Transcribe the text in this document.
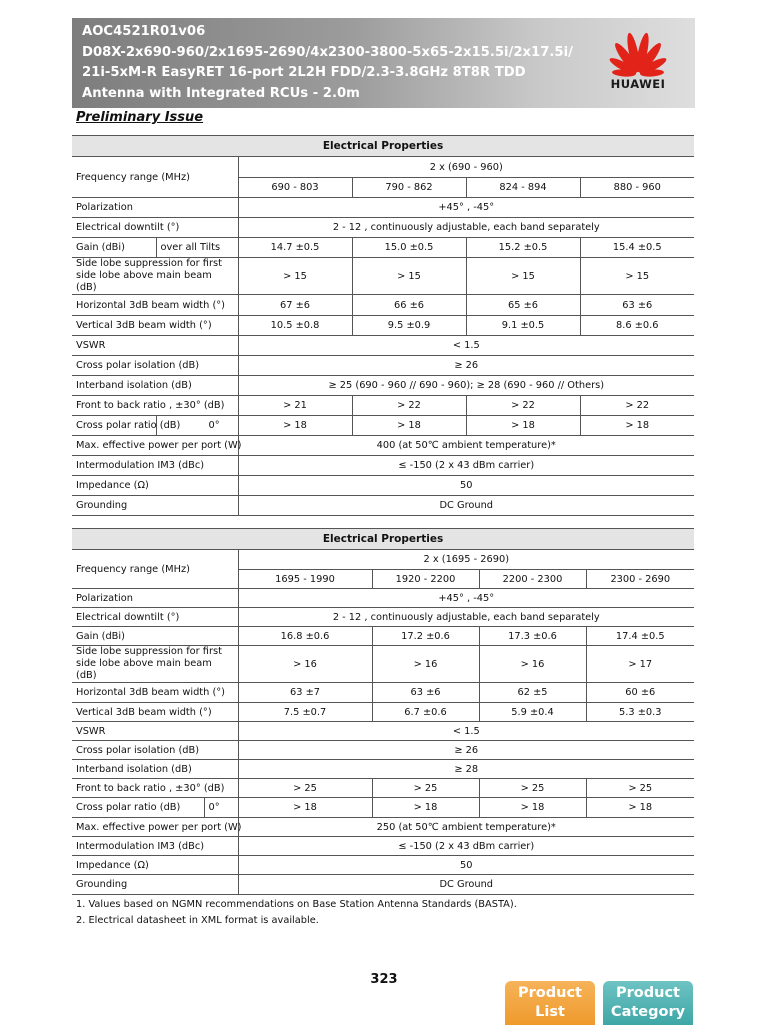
AOC4521R01v06
D08X-2x690-960/2x1695-2690/4x2300-3800-5x65-2x15.5i/2x17.5i/
21i-5xM-R EasyRET 16-port 2L2H FDD/2.3-3.8GHz 8T8R TDD
Antenna with Integrated RCUs - 2.0m
HUAWEI
Preliminary Issue
Electrical Properties					
Frequency range (MHz)		2 x (690 - 960)			
		690 - 803	790 - 862	824 - 894	880 - 960
Polarization		+45° , -45°			
Electrical downtilt (°)		2 - 12 , continuously adjustable, each band separately			
Gain (dBi)	over all Tilts	14.7 ±0.5	15.0 ±0.5	15.2 ±0.5	15.4 ±0.5

Side lobe suppression for first
side lobe above main beam (dB)		> 15	> 15	> 15	> 15
Horizontal 3dB beam width (°)		67 ±6	66 ±6	65 ±6	63 ±6
Vertical 3dB beam width (°)		10.5 ±0.8	9.5 ±0.9	9.1 ±0.5	8.6 ±0.6
VSWR		< 1.5			
Cross polar isolation (dB)		≥ 26			
Interband isolation (dB)		≥ 25 (690 - 960 // 690 - 960); ≥ 28 (690 - 960 // Others)			
Front to back ratio , ±30° (dB)		> 21	> 22	> 22	> 22
Cross polar ratio (dB)	0°	> 18	> 18	> 18	> 18
Max. effective power per port (W)		400 (at 50℃ ambient temperature)*			
Intermodulation IM3 (dBc)		≤ -150 (2 x 43 dBm carrier)			
Impedance (Ω)		50			
Grounding		DC Ground			
Electrical Properties					
Frequency range (MHz)		2 x (1695 - 2690)			
		1695 - 1990	1920 - 2200	2200 - 2300	2300 - 2690
Polarization		+45° , -45°			
Electrical downtilt (°)		2 - 12 , continuously adjustable, each band separately			
Gain (dBi)		16.8 ±0.6	17.2 ±0.6	17.3 ±0.6	17.4 ±0.5

Side lobe suppression for first
side lobe above main beam (dB)		> 16	> 16	> 16	> 17
Horizontal 3dB beam width (°)		63 ±7	63 ±6	62 ±5	60 ±6
Vertical 3dB beam width (°)		7.5 ±0.7	6.7 ±0.6	5.9 ±0.4	5.3 ±0.3
VSWR		< 1.5			
Cross polar isolation (dB)		≥ 26			
Interband isolation (dB)		≥ 28			
Front to back ratio , ±30° (dB)		> 25	> 25	> 25	> 25
Cross polar ratio (dB)	0°	> 18	> 18	> 18	> 18
Max. effective power per port (W)		250 (at 50℃ ambient temperature)*			
Intermodulation IM3 (dBc)		≤ -150 (2 x 43 dBm carrier)			
Impedance (Ω)		50			
Grounding		DC Ground			
1. Values based on NGMN recommendations on Base Station Antenna Standards (BASTA).
2. Electrical datasheet in XML format is available.
323
Product
List
Product
Category
